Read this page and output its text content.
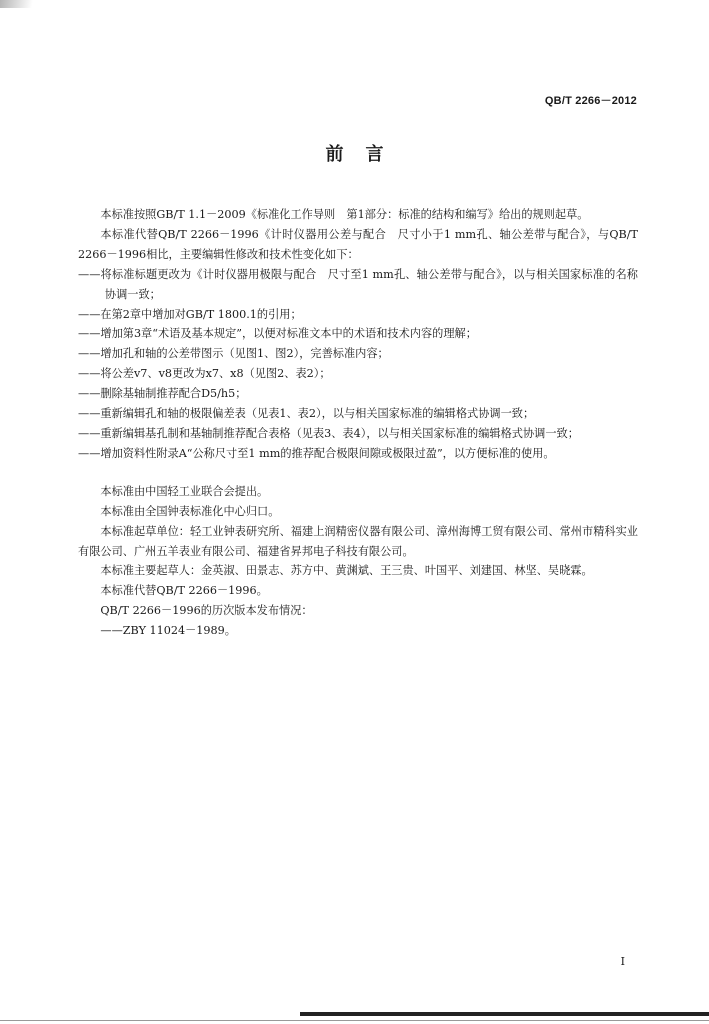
QB/T 2266－2012
前言

本标准按照GB/T 1.1－2009《标准化工作导则　第1部分：标准的结构和编写》给出的规则起草。

本标准代替QB/T 2266－1996《计时仪器用公差与配合　尺寸小于1 mm孔、轴公差带与配合》，与QB/T 2266－1996相比，主要编辑性修改和技术性变化如下：

——将标准标题更改为《计时仪器用极限与配合　尺寸至1 mm孔、轴公差带与配合》，以与相关国家标准的名称协调一致；

——在第2章中增加对GB/T 1800.1的引用；

——增加第3章“术语及基本规定”，以便对标准文本中的术语和技术内容的理解；

——增加孔和轴的公差带图示（见图1、图2），完善标准内容；

——将公差v7、v8更改为x7、x8（见图2、表2）；

——删除基轴制推荐配合D5/h5；

——重新编辑孔和轴的极限偏差表（见表1、表2），以与相关国家标准的编辑格式协调一致；

——重新编辑基孔制和基轴制推荐配合表格（见表3、表4），以与相关国家标准的编辑格式协调一致；

——增加资料性附录A“公称尺寸至1 mm的推荐配合极限间隙或极限过盈”，以方便标准的使用。

本标准由中国轻工业联合会提出。

本标准由全国钟表标准化中心归口。

本标准起草单位：轻工业钟表研究所、福建上润精密仪器有限公司、漳州海博工贸有限公司、常州市精科实业有限公司、广州五羊表业有限公司、福建省昇邦电子科技有限公司。

本标准主要起草人：金英淑、田景志、苏方中、黄渊斌、王三贵、叶国平、刘建国、林坚、吴晓霖。

本标准代替QB/T 2266－1996。

QB/T 2266－1996的历次版本发布情况：

——ZBY 11024－1989。

I
